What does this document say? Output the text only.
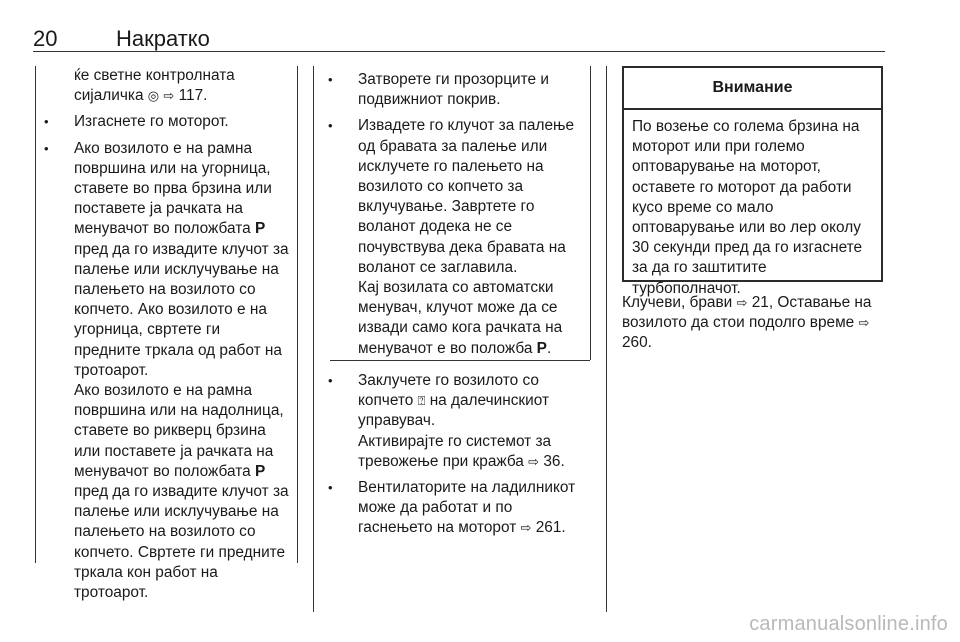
20	Накратко

ќе светне контролната
сијаличка ◎ ⇨ 117.

• Изгаснете го моторот.
• Ако возилото е на рамна површина или на угорница, ставете во прва брзина или поставете ја рачката на менувачот во положбата P пред да го извадите клучот за палење или исклучување на палењето на возилото со копчето. Ако возилото е на угорница, свртете ги предните тркала од работ на тротоарот.

Ако возилото е на рамна површина или на надолница, ставете во рикверц брзина или поставете ја рачката на менувачот во положбата P пред да го извадите клучот за палење или исклучување на палењето на возилото со копчето. Свртете ги предните тркала кон работ на тротоарот.

• Затворете ги прозорците и подвижниот покрив.
• Извадете го клучот за палење од бравата за палење или исклучете го палењето на возилото со копчето за вклучување. Завртете го воланот додека не се почувствува дека бравата на воланот се заглавила.

Кај возилата со автоматски менувач, клучот може да се извади само кога рачката на менувачот е во положба P.

• Заклучете го возилото со копчето ⍰ на далечинскиот управувач.

Активирајте го системот за тревожење при кражба ⇨ 36.

• Вентилаторите на ладилникот може да работат и по гаснењето на моторот ⇨ 261.
Внимание
По возење со голема брзина на моторот или при големо оптоварување на моторот, оставете го моторот да работи кусо време со мало оптоварување или во лер околу 30 секунди пред да го изгаснете за да го заштитите турбополначот.

Клучеви, брави ⇨ 21, Оставање на возилото да стои подолго време ⇨ 260.

carmanualsonline.info
